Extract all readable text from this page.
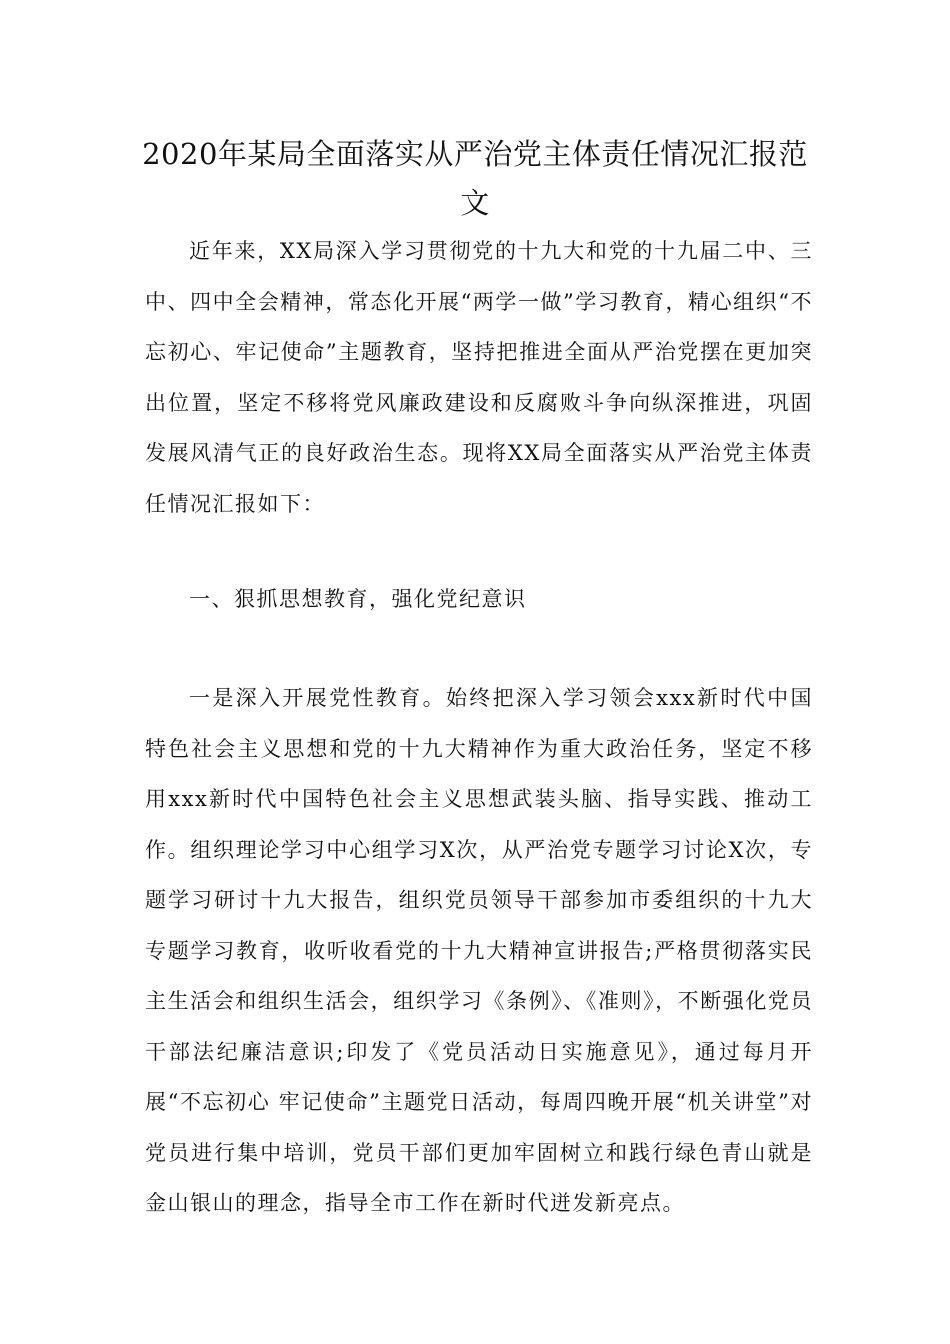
2020年某局全面落实从严治党主体责任情况汇报范文

近年来，XX局深入学习贯彻党的十九大和党的十九届二中、三中、四中全会精神，常态化开展“两学一做”学习教育，精心组织“不忘初心、牢记使命”主题教育，坚持把推进全面从严治党摆在更加突出位置，坚定不移将党风廉政建设和反腐败斗争向纵深推进，巩固发展风清气正的良好政治生态。现将XX局全面落实从严治党主体责任情况汇报如下：

一、狠抓思想教育，强化党纪意识

一是深入开展党性教育。始终把深入学习领会xxx新时代中国特色社会主义思想和党的十九大精神作为重大政治任务，坚定不移用xxx新时代中国特色社会主义思想武装头脑、指导实践、推动工作。组织理论学习中心组学习X次，从严治党专题学习讨论X次，专题学习研讨十九大报告，组织党员领导干部参加市委组织的十九大专题学习教育，收听收看党的十九大精神宣讲报告;严格贯彻落实民主生活会和组织生活会，组织学习《条例》、《准则》，不断强化党员干部法纪廉洁意识;印发了《党员活动日实施意见》，通过每月开展“不忘初心 牢记使命”主题党日活动，每周四晚开展“机关讲堂”对党员进行集中培训，党员干部们更加牢固树立和践行绿色青山就是金山银山的理念，指导全市工作在新时代迸发新亮点。
